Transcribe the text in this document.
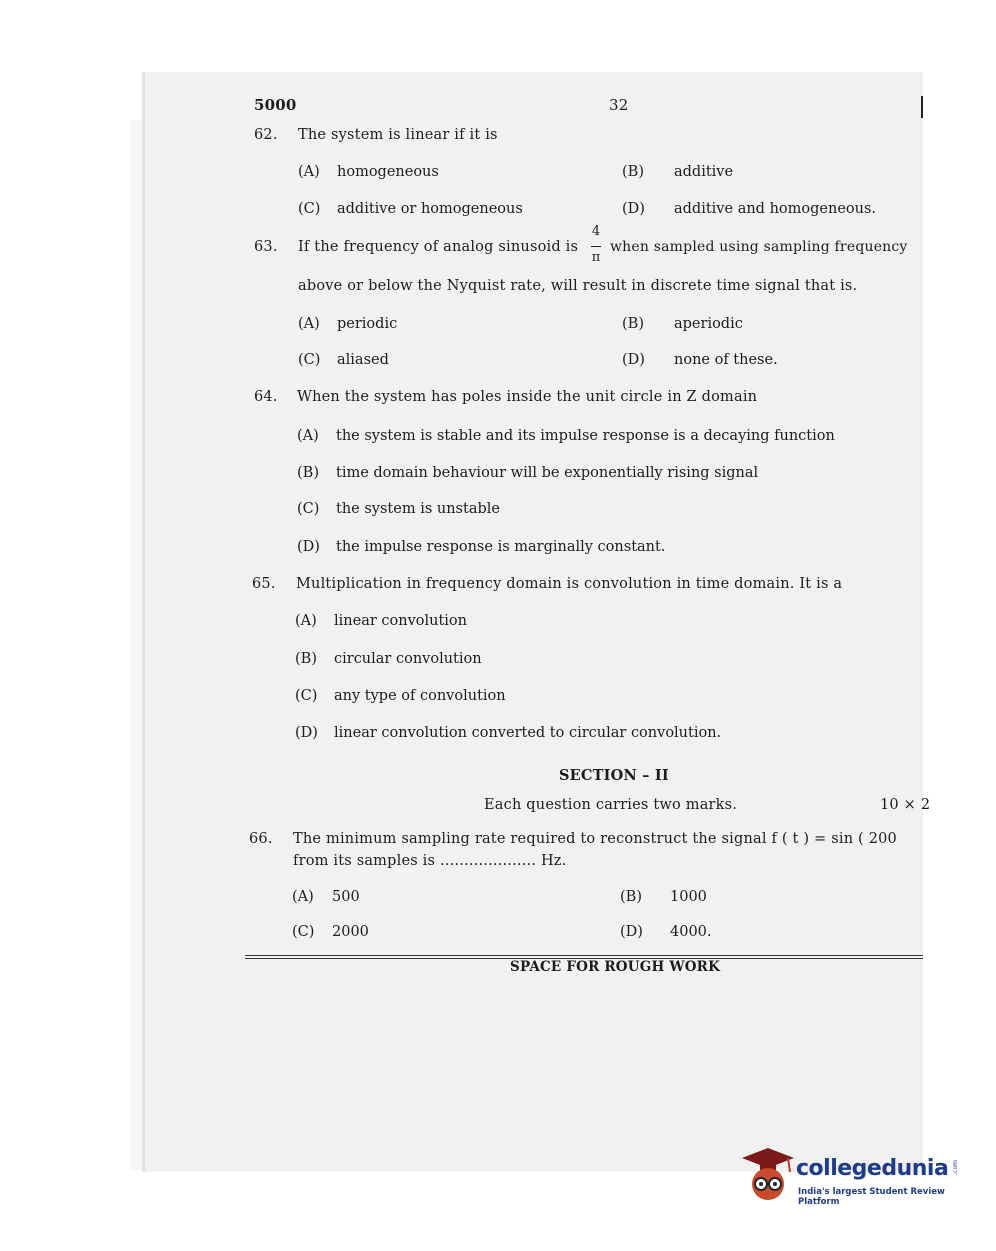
5000	32
62. The system is linear if it is
(A) homogeneous	(B) additive
(C) additive or homogeneous	(D) additive and homogeneous.
63. If the frequency of analog sinusoid is
4
π
when sampled using sampling frequency
above or below the Nyquist rate, will result in discrete time signal that is.
(A) periodic	(B) aperiodic
(C) aliased	(D) none of these.
64. When the system has poles inside the unit circle in Z domain
(A) the system is stable and its impulse response is a decaying function
(B) time domain behaviour will be exponentially rising signal
(C) the system is unstable
(D) the impulse response is marginally constant.
65. Multiplication in frequency domain is convolution in time domain. It is a
(A) linear convolution
(B) circular convolution
(C) any type of convolution
(D) linear convolution converted to circular convolution.
SECTION – II
Each question carries two marks.	10 × 2
66. The minimum sampling rate required to reconstruct the signal f ( t ) = sin ( 200
from its samples is .................... Hz.
(A) 500	(B) 1000
(C) 2000	(D) 4000.
SPACE FOR ROUGH WORK
collegedunia .com
India's largest Student Review Platform
